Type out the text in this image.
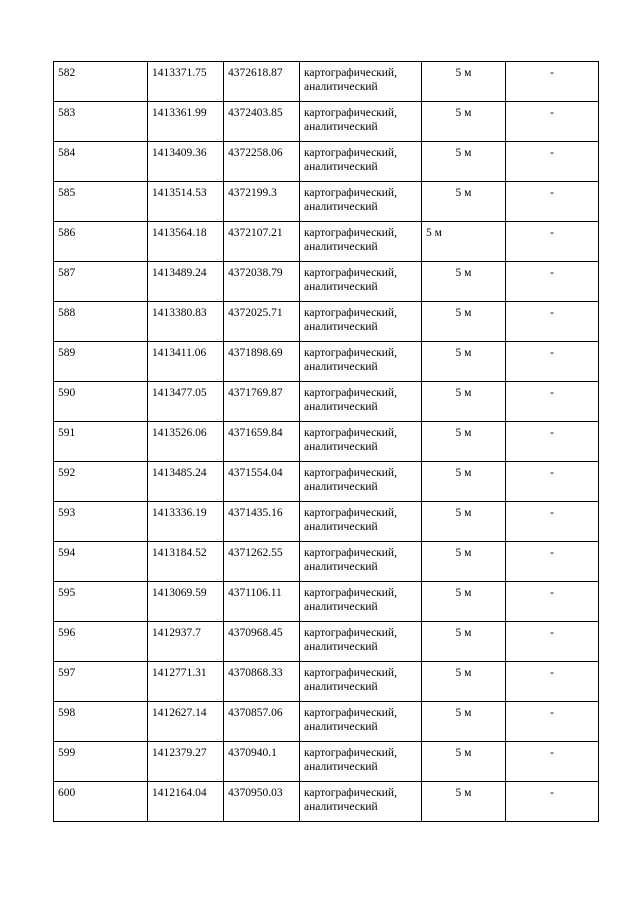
582	1413371.75	4372618.87	картографический,
аналитический	5 м	-
583	1413361.99	4372403.85	картографический,
аналитический	5 м	-
584	1413409.36	4372258.06	картографический,
аналитический	5 м	-
585	1413514.53	4372199.3	картографический,
аналитический	5 м	-
586	1413564.18	4372107.21	картографический,
аналитический	5 м	-
587	1413489.24	4372038.79	картографический,
аналитический	5 м	-
588	1413380.83	4372025.71	картографический,
аналитический	5 м	-
589	1413411.06	4371898.69	картографический,
аналитический	5 м	-
590	1413477.05	4371769.87	картографический,
аналитический	5 м	-
591	1413526.06	4371659.84	картографический,
аналитический	5 м	-
592	1413485.24	4371554.04	картографический,
аналитический	5 м	-
593	1413336.19	4371435.16	картографический,
аналитический	5 м	-
594	1413184.52	4371262.55	картографический,
аналитический	5 м	-
595	1413069.59	4371106.11	картографический,
аналитический	5 м	-
596	1412937.7	4370968.45	картографический,
аналитический	5 м	-
597	1412771.31	4370868.33	картографический,
аналитический	5 м	-
598	1412627.14	4370857.06	картографический,
аналитический	5 м	-
599	1412379.27	4370940.1	картографический,
аналитический	5 м	-
600	1412164.04	4370950.03	картографический,
аналитический	5 м	-
